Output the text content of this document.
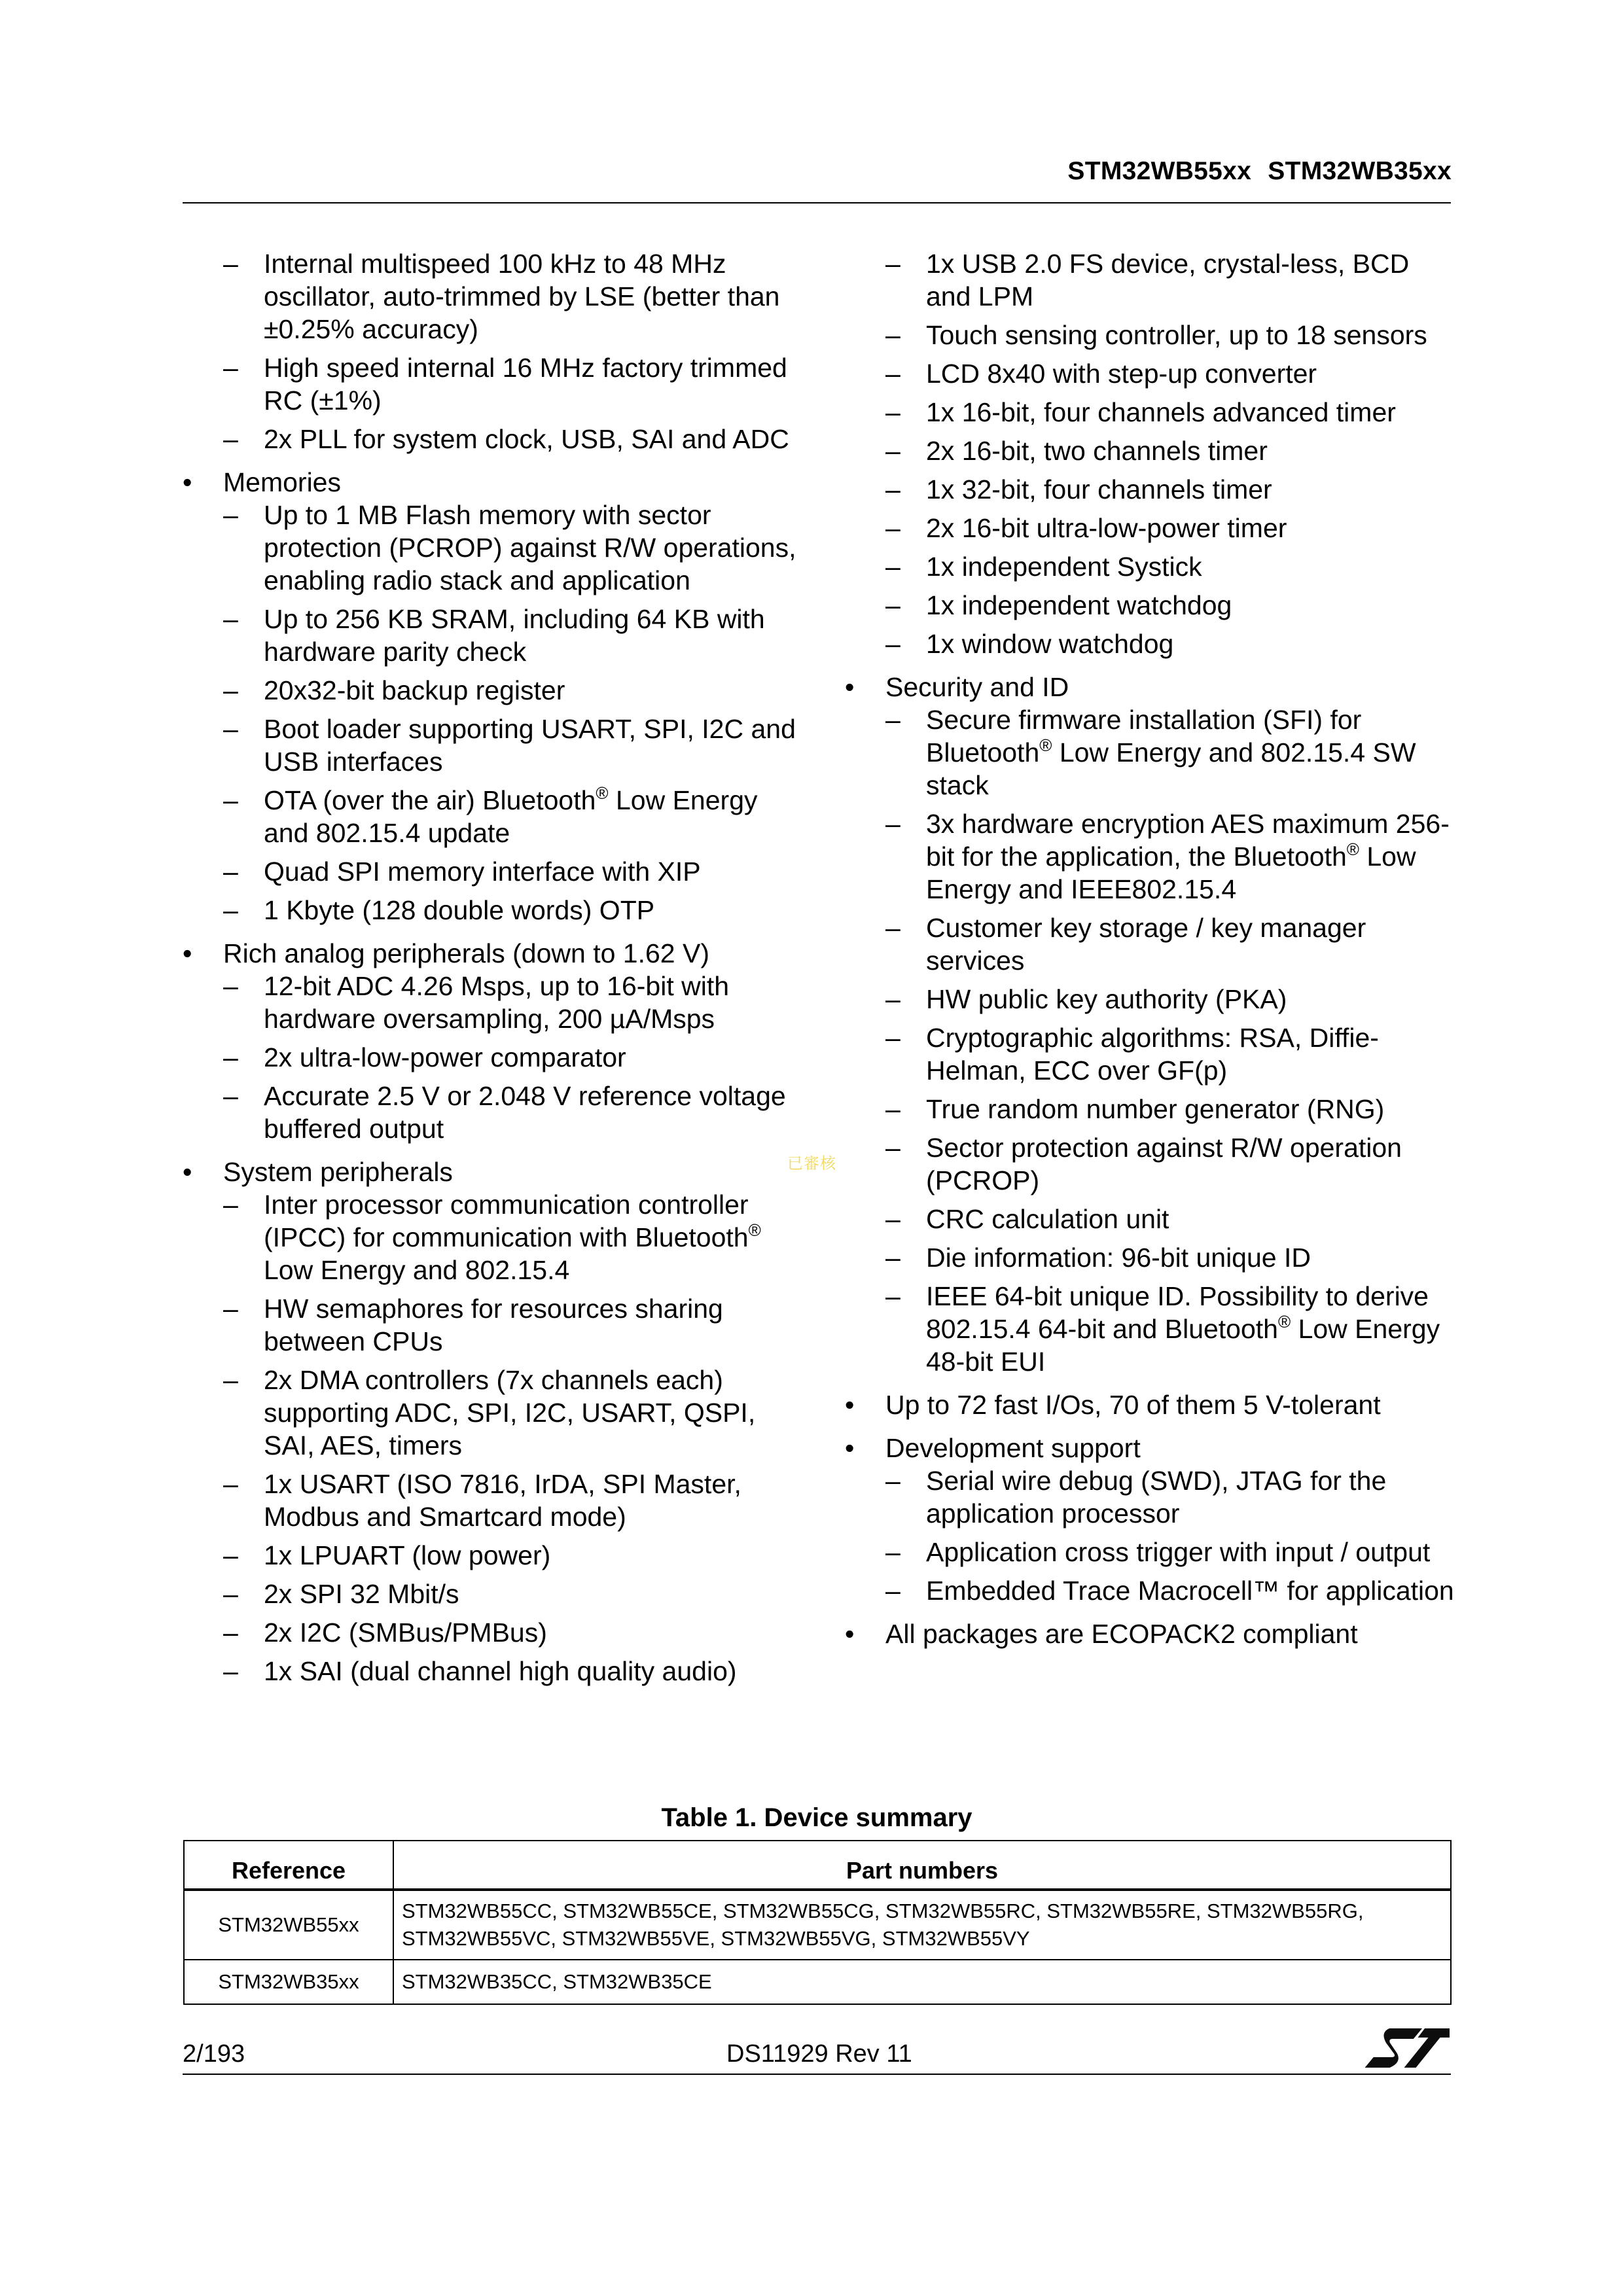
STM32WB55xx STM32WB35xx
– Internal multispeed 100 kHz to 48 MHz oscillator, auto-trimmed by LSE (better than ±0.25% accuracy)
– High speed internal 16 MHz factory trimmed RC (±1%)
– 2x PLL for system clock, USB, SAI and ADC
• Memories
– Up to 1 MB Flash memory with sector protection (PCROP) against R/W operations, enabling radio stack and application
– Up to 256 KB SRAM, including 64 KB with hardware parity check
– 20x32-bit backup register
– Boot loader supporting USART, SPI, I2C and USB interfaces
– OTA (over the air) Bluetooth® Low Energy and 802.15.4 update
– Quad SPI memory interface with XIP
– 1 Kbyte (128 double words) OTP
• Rich analog peripherals (down to 1.62 V)
– 12-bit ADC 4.26 Msps, up to 16-bit with hardware oversampling, 200 µA/Msps
– 2x ultra-low-power comparator
– Accurate 2.5 V or 2.048 V reference voltage buffered output
• System peripherals
– Inter processor communication controller (IPCC) for communication with Bluetooth® Low Energy and 802.15.4
– HW semaphores for resources sharing between CPUs
– 2x DMA controllers (7x channels each) supporting ADC, SPI, I2C, USART, QSPI, SAI, AES, timers
– 1x USART (ISO 7816, IrDA, SPI Master, Modbus and Smartcard mode)
– 1x LPUART (low power)
– 2x SPI 32 Mbit/s
– 2x I2C (SMBus/PMBus)
– 1x SAI (dual channel high quality audio)
– 1x USB 2.0 FS device, crystal-less, BCD and LPM
– Touch sensing controller, up to 18 sensors
– LCD 8x40 with step-up converter
– 1x 16-bit, four channels advanced timer
– 2x 16-bit, two channels timer
– 1x 32-bit, four channels timer
– 2x 16-bit ultra-low-power timer
– 1x independent Systick
– 1x independent watchdog
– 1x window watchdog
• Security and ID
– Secure firmware installation (SFI) for Bluetooth® Low Energy and 802.15.4 SW stack
– 3x hardware encryption AES maximum 256-bit for the application, the Bluetooth® Low Energy and IEEE802.15.4
– Customer key storage / key manager services
– HW public key authority (PKA)
– Cryptographic algorithms: RSA, Diffie-Helman, ECC over GF(p)
– True random number generator (RNG)
– Sector protection against R/W operation (PCROP)
– CRC calculation unit
– Die information: 96-bit unique ID
– IEEE 64-bit unique ID. Possibility to derive 802.15.4 64-bit and Bluetooth® Low Energy 48-bit EUI
• Up to 72 fast I/Os, 70 of them 5 V-tolerant
• Development support
– Serial wire debug (SWD), JTAG for the application processor
– Application cross trigger with input / output
– Embedded Trace Macrocell™ for application
• All packages are ECOPACK2 compliant
已審核
Table 1. Device summary
Reference	Part numbers
STM32WB55xx	STM32WB55CC, STM32WB55CE, STM32WB55CG, STM32WB55RC, STM32WB55RE, STM32WB55RG, STM32WB55VC, STM32WB55VE, STM32WB55VG, STM32WB55VY
STM32WB35xx	STM32WB35CC, STM32WB35CE
2/193	DS11929 Rev 11
